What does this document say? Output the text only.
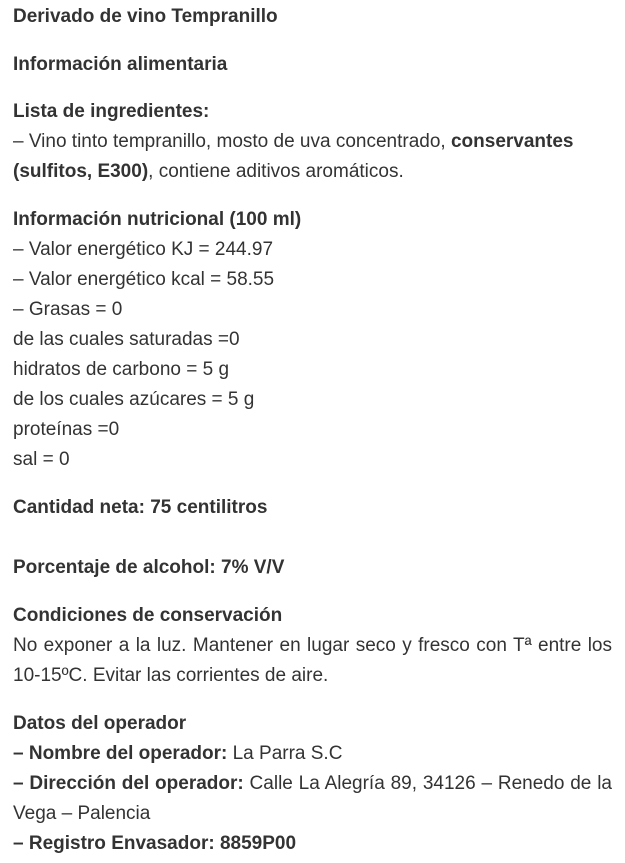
Derivado de vino Tempranillo

Información alimentaria

Lista de ingredientes:
– Vino tinto tempranillo, mosto de uva concentrado, conservantes (sulfitos, E300), contiene aditivos aromáticos.

Información nutricional (100 ml)
– Valor energético KJ = 244.97
– Valor energético kcal = 58.55
– Grasas = 0
de las cuales saturadas =0
hidratos de carbono = 5 g
de los cuales azúcares = 5 g
proteínas =0
sal = 0

Cantidad neta: 75 centilitros

Porcentaje de alcohol: 7% V/V

Condiciones de conservación
No exponer a la luz. Mantener en lugar seco y fresco con Tª entre los 10-15ºC. Evitar las corrientes de aire.

Datos del operador
– Nombre del operador: La Parra S.C
– Dirección del operador: Calle La Alegría 89, 34126 – Renedo de la Vega – Palencia
– Registro Envasador: 8859P00
